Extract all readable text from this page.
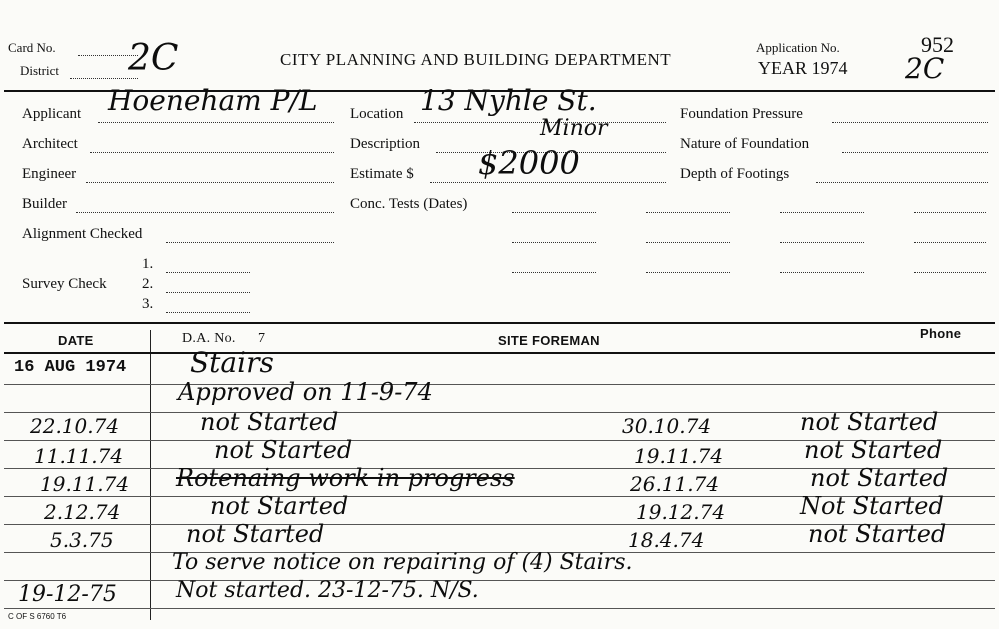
Card No.
District 2C	CITY PLANNING AND BUILDING DEPARTMENT
Application No.
YEAR 1974
952
2C
Applicant Hoeneham P/L
Architect
Engineer
Builder
Alignment Checked
Survey Check
1.
2.
3.
Location 13 Nyhle St.
Description
Minor
Estimate $ $2000
Conc. Tests (Dates)
Foundation Pressure
Nature of Foundation
Depth of Footings
DATE	D.A. No. 7	SITE FOREMAN	Phone
16 AUG 1974 Stairs
Approved on 11-9-74
22.10.74	not Started	30.10.74	not Started
11.11.74	not Started	19.11.74	not Started
19.11.74 Rotenaing work in progress	26.11.74	not Started
2.12.74	not Started	19.12.74	Not Started
5.3.75	not Started	18.4.74	not Started
To serve notice on repairing of (4) Stairs.
19-12-75	Not started. 23-12-75. N/S.
C OF S 6760 T6
